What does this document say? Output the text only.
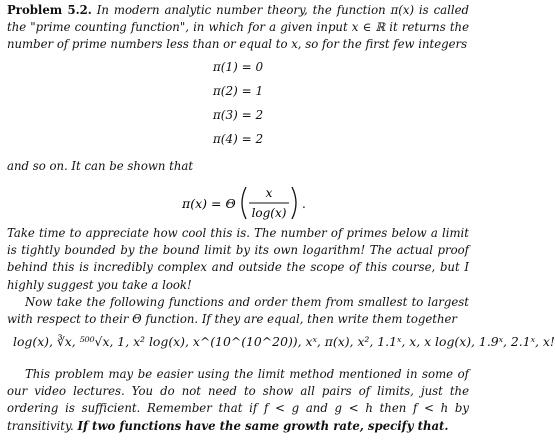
Problem 5.2. In modern analytic number theory, the function π(x) is called the "prime counting function", in which for a given input x ∈ ℝ it returns the number of prime numbers less than or equal to x, so for the first few integers

π(1) = 0
π(2) = 1
π(3) = 2
π(4) = 2
and so on. It can be shown that
π(x) = Θ
x
log(x)
.

Take time to appreciate how cool this is. The number of primes below a limit is tightly bounded by the bound limit by its own logarithm! The actual proof behind this is incredibly complex and outside the scope of this course, but I highly suggest you take a look!

Now take the following functions and order them from smallest to largest with respect to their Θ function. If they are equal, then write them together

log(x), ∛x, ⁵⁰⁰√x, 1, x² log(x), x^(10^(10^20)), xˣ, π(x), x², 1.1ˣ, x, x log(x), 1.9ˣ, 2.1ˣ, x!

This problem may be easier using the limit method mentioned in some of our video lectures. You do not need to show all pairs of limits, just the ordering is sufficient. Remember that if f < g and g < h then f < h by transitivity. If two functions have the same growth rate, specify that.
